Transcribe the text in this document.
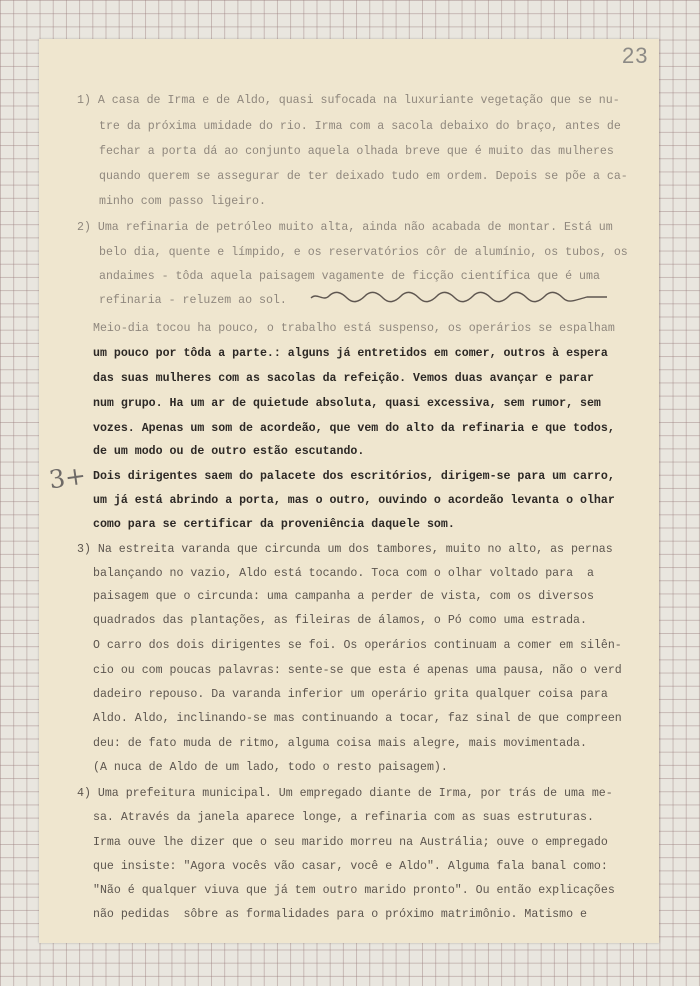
23
3+
1) A casa de Irma e de Aldo, quasi sufocada na luxuriante vegetação que se nu-
tre da próxima umidade do rio. Irma com a sacola debaixo do braço, antes de
fechar a porta dá ao conjunto aquela olhada breve que é muito das mulheres
quando querem se assegurar de ter deixado tudo em ordem. Depois se põe a ca-
minho com passo ligeiro.
2) Uma refinaria de petróleo muito alta, ainda não acabada de montar. Está um
belo dia, quente e límpido, e os reservatórios côr de alumínio, os tubos, os
andaimes - tôda aquela paisagem vagamente de ficção científica que é uma
refinaria - reluzem ao sol.
Meio-dia tocou ha pouco, o trabalho está suspenso, os operários se espalham
um pouco por tôda a parte.: alguns já entretidos em comer, outros à espera
das suas mulheres com as sacolas da refeição. Vemos duas avançar e parar
num grupo. Ha um ar de quietude absoluta, quasi excessiva, sem rumor, sem
vozes. Apenas um som de acordeão, que vem do alto da refinaria e que todos,
de um modo ou de outro estão escutando.
Dois dirigentes saem do palacete dos escritórios, dirigem-se para um carro,
um já está abrindo a porta, mas o outro, ouvindo o acordeão levanta o olhar
como para se certificar da proveniência daquele som.
3) Na estreita varanda que circunda um dos tambores, muito no alto, as pernas
balançando no vazio, Aldo está tocando. Toca com o olhar voltado para  a
paisagem que o circunda: uma campanha a perder de vista, com os diversos
quadrados das plantações, as fileiras de álamos, o Pó como uma estrada.
O carro dos dois dirigentes se foi. Os operários continuam a comer em silên-
cio ou com poucas palavras: sente-se que esta é apenas uma pausa, não o verd
dadeiro repouso. Da varanda inferior um operário grita qualquer coisa para
Aldo. Aldo, inclinando-se mas continuando a tocar, faz sinal de que compreen
deu: de fato muda de ritmo, alguma coisa mais alegre, mais movimentada.
(A nuca de Aldo de um lado, todo o resto paisagem).
4) Uma prefeitura municipal. Um empregado diante de Irma, por trás de uma me-
sa. Através da janela aparece longe, a refinaria com as suas estruturas.
Irma ouve lhe dizer que o seu marido morreu na Austrália; ouve o empregado
que insiste: "Agora vocês vão casar, você e Aldo". Alguma fala banal como:
"Não é qualquer viuva que já tem outro marido pronto". Ou então explicações
não pedidas  sôbre as formalidades para o próximo matrimônio. Matismo e
